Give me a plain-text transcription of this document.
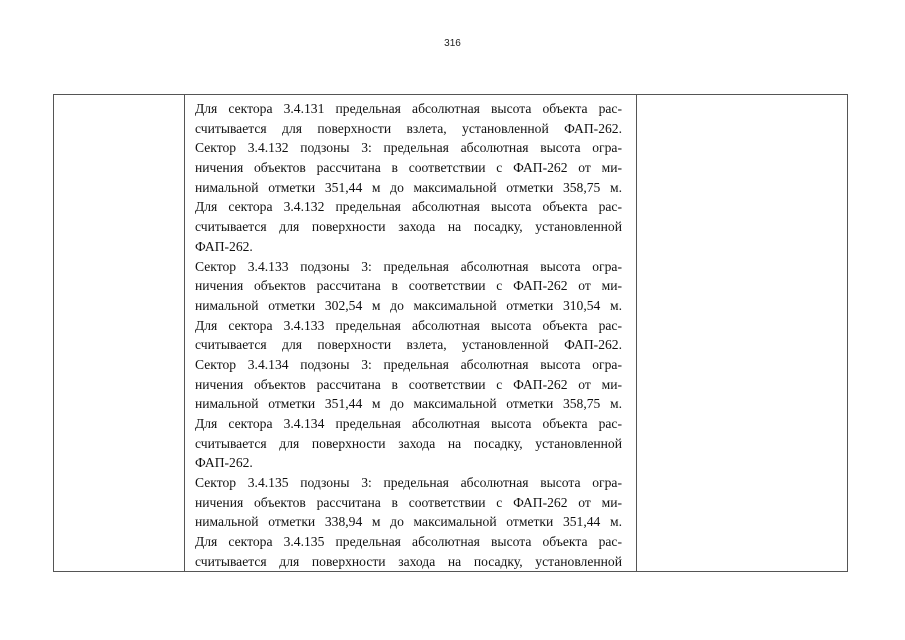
316
Для сектора 3.4.131 предельная абсолютная высота объекта рас-
считывается для поверхности взлета, установленной ФАП-262.
Сектор 3.4.132 подзоны 3: предельная абсолютная высота огра-
ничения объектов рассчитана в соответствии с ФАП-262 от ми-
нимальной отметки 351,44 м до максимальной отметки 358,75 м.
Для сектора 3.4.132 предельная абсолютная высота объекта рас-
считывается для поверхности захода на посадку, установленной
ФАП-262.
Сектор 3.4.133 подзоны 3: предельная абсолютная высота огра-
ничения объектов рассчитана в соответствии с ФАП-262 от ми-
нимальной отметки 302,54 м до максимальной отметки 310,54 м.
Для сектора 3.4.133 предельная абсолютная высота объекта рас-
считывается для поверхности взлета, установленной ФАП-262.
Сектор 3.4.134 подзоны 3: предельная абсолютная высота огра-
ничения объектов рассчитана в соответствии с ФАП-262 от ми-
нимальной отметки 351,44 м до максимальной отметки 358,75 м.
Для сектора 3.4.134 предельная абсолютная высота объекта рас-
считывается для поверхности захода на посадку, установленной
ФАП-262.
Сектор 3.4.135 подзоны 3: предельная абсолютная высота огра-
ничения объектов рассчитана в соответствии с ФАП-262 от ми-
нимальной отметки 338,94 м до максимальной отметки 351,44 м.
Для сектора 3.4.135 предельная абсолютная высота объекта рас-
считывается для поверхности захода на посадку, установленной
